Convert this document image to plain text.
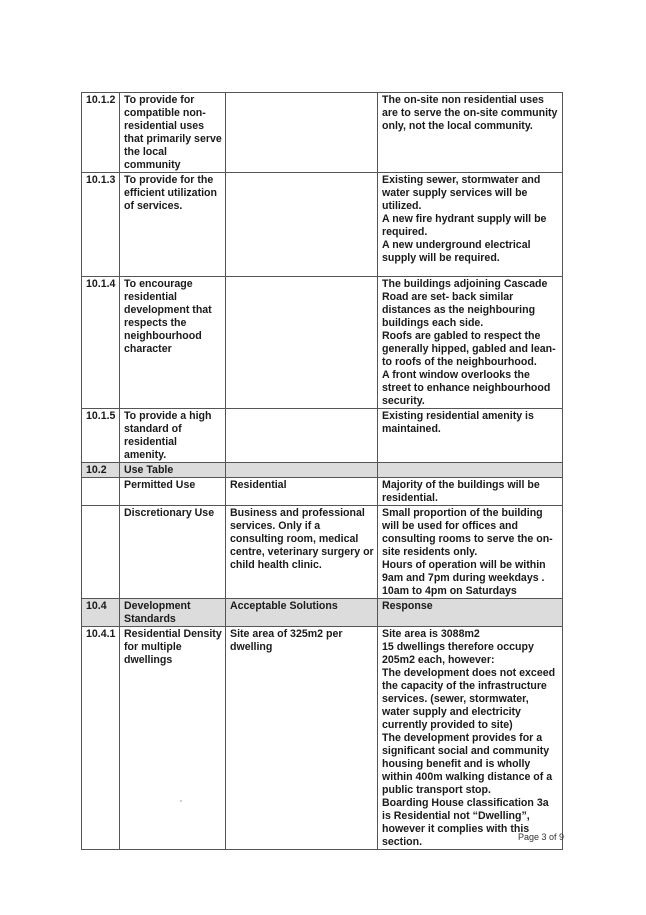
10.1.2	To provide for compatible non-residential uses that primarily serve the local community		The on-site non residential uses are to serve the on-site community only, not the local community.
10.1.3	To provide for the efficient utilization of services.		Existing sewer, stormwater and water supply services will be utilized.
A new fire hydrant supply will be required.
A new underground electrical supply will be required.

10.1.4	To encourage residential development that respects the neighbourhood character		The buildings adjoining Cascade Road are set- back similar distances as the neighbouring buildings each side.
Roofs are gabled to respect the generally hipped, gabled and lean-to roofs of the neighbourhood.
A front window overlooks the street to enhance neighbourhood security.

10.1.5	To provide a high standard of residential amenity.		Existing residential amenity is maintained.
10.2	Use Table		
	Permitted Use	Residential	Majority of the buildings will be residential.
	Discretionary Use	Business and professional services. Only if a consulting room, medical centre, veterinary surgery or child health clinic.	Small proportion of the building will be used for offices and consulting rooms to serve the on-site residents only.
Hours of operation will be within 9am and 7pm during weekdays . 10am to 4pm on Saturdays

10.4	Development Standards	Acceptable Solutions	Response
10.4.1	Residential Density for multiple dwellings	Site area of 325m2 per dwelling	Site area is 3088m2
15 dwellings therefore occupy 205m2 each, however:
The development does not exceed the capacity of the infrastructure services. (sewer, stormwater, water supply and electricity currently provided to site)
The development provides for a significant social and community housing benefit and is wholly within 400m walking distance of a public transport stop.
Boarding House classification 3a is Residential not “Dwelling”, however it complies with this section.	Page 3 of 9
